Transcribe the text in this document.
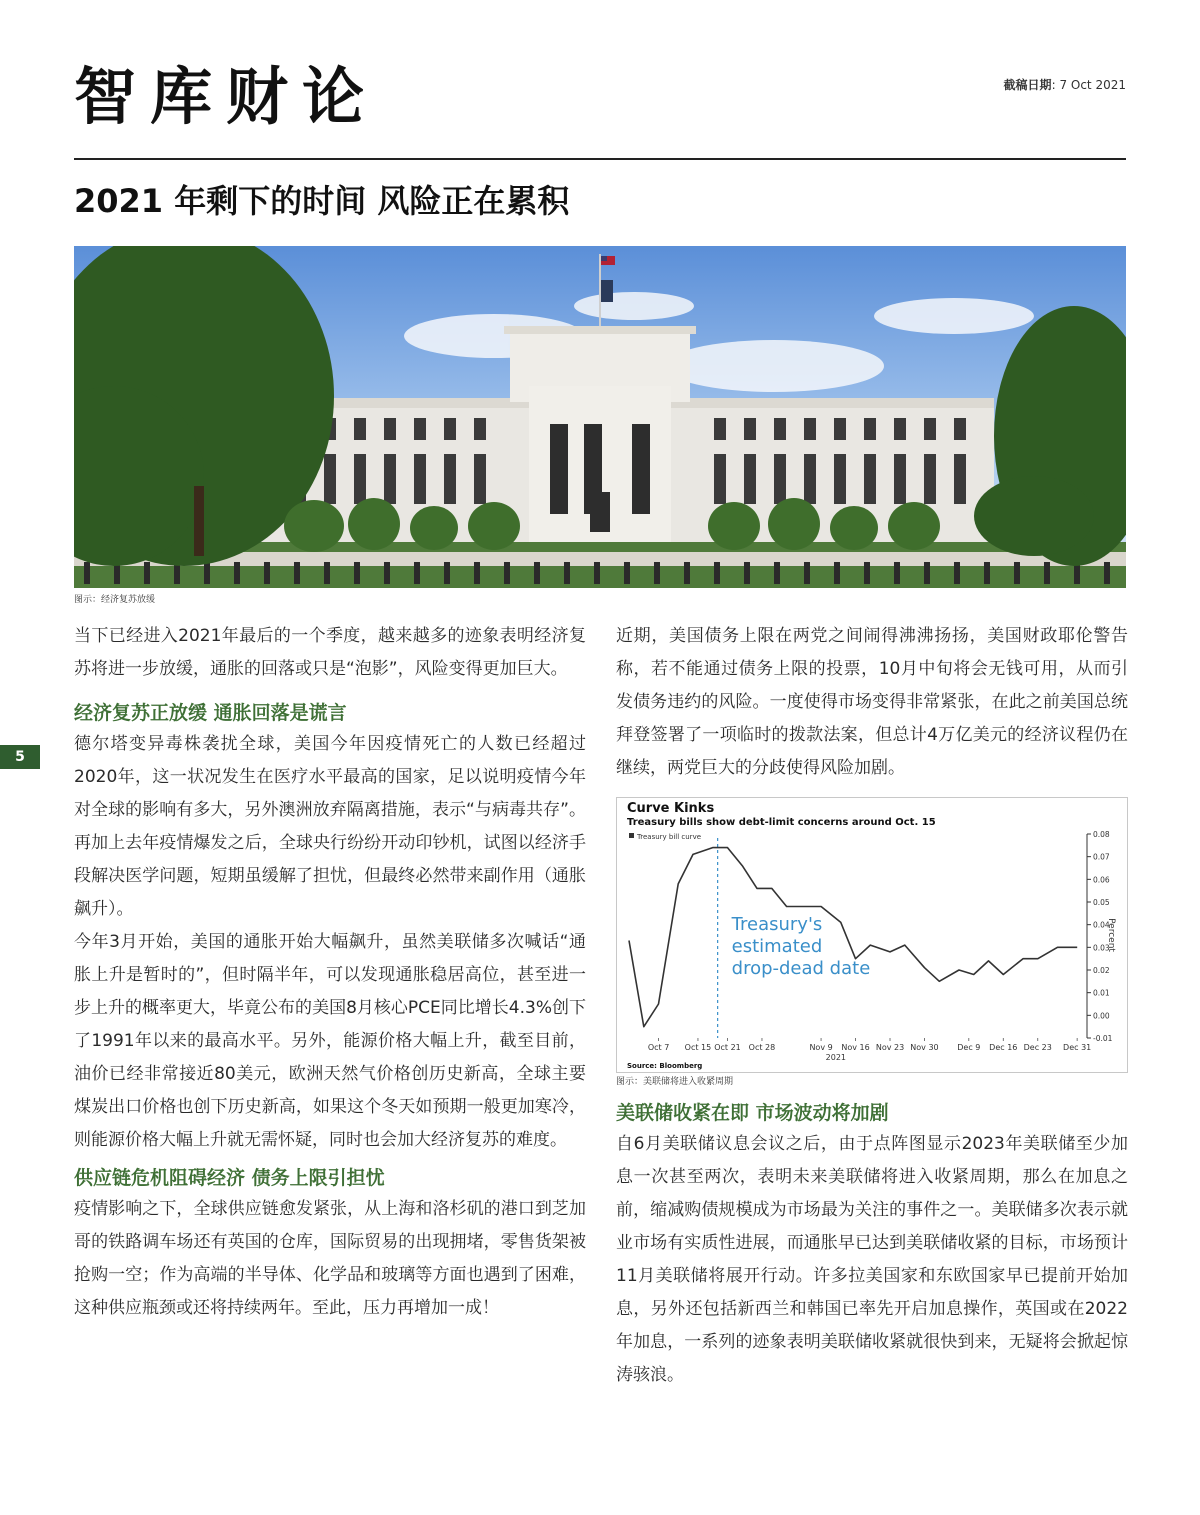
智库财论	截稿日期: 7 Oct 2021
2021 年剩下的时间 风险正在累积
图示：经济复苏放缓
5

当下已经进入2021年最后的一个季度，越来越多的迹象表明经济复苏将进一步放缓，通胀的回落或只是“泡影”，风险变得更加巨大。

经济复苏正放缓 通胀回落是谎言

德尔塔变异毒株袭扰全球，美国今年因疫情死亡的人数已经超过2020年，这一状况发生在医疗水平最高的国家，足以说明疫情今年对全球的影响有多大，另外澳洲放弃隔离措施，表示“与病毒共存”。再加上去年疫情爆发之后，全球央行纷纷开动印钞机，试图以经济手段解决医学问题，短期虽缓解了担忧，但最终必然带来副作用（通胀飙升）。

今年3月开始，美国的通胀开始大幅飙升，虽然美联储多次喊话“通胀上升是暂时的”，但时隔半年，可以发现通胀稳居高位，甚至进一步上升的概率更大，毕竟公布的美国8月核心PCE同比增长4.3%创下了1991年以来的最高水平。另外，能源价格大幅上升，截至目前，油价已经非常接近80美元，欧洲天然气价格创历史新高，全球主要煤炭出口价格也创下历史新高，如果这个冬天如预期一般更加寒冷，则能源价格大幅上升就无需怀疑，同时也会加大经济复苏的难度。

供应链危机阻碍经济 债务上限引担忧

疫情影响之下，全球供应链愈发紧张，从上海和洛杉矶的港口到芝加哥的铁路调车场还有英国的仓库，国际贸易的出现拥堵，零售货架被抢购一空；作为高端的半导体、化学品和玻璃等方面也遇到了困难，这种供应瓶颈或还将持续两年。至此，压力再增加一成！

近期，美国债务上限在两党之间闹得沸沸扬扬，美国财政耶伦警告称，若不能通过债务上限的投票，10月中旬将会无钱可用，从而引发债务违约的风险。一度使得市场变得非常紧张，在此之前美国总统拜登签署了一项临时的拨款法案，但总计4万亿美元的经济议程仍在继续，两党巨大的分歧使得风险加剧。

Curve Kinks
Treasury bills show debt-limit concerns around Oct. 15
Treasury bill curve
Percent
Source: Bloomberg
-0.01
0.00
0.01
0.02
0.03
0.04
0.05
0.06
0.07
0.08
Oct 7 Oct 15 Oct 21 Oct 28	Nov 9 Nov 16 Nov 23 Nov 30 Dec 9 Dec 16 Dec 23 Dec 31
2021
Treasury's
estimated
drop-dead date
图示：美联储将进入收紧周期

美联储收紧在即 市场波动将加剧

自6月美联储议息会议之后，由于点阵图显示2023年美联储至少加息一次甚至两次，表明未来美联储将进入收紧周期，那么在加息之前，缩减购债规模成为市场最为关注的事件之一。美联储多次表示就业市场有实质性进展，而通胀早已达到美联储收紧的目标，市场预计11月美联储将展开行动。许多拉美国家和东欧国家早已提前开始加息，另外还包括新西兰和韩国已率先开启加息操作，英国或在2022年加息，一系列的迹象表明美联储收紧就很快到来，无疑将会掀起惊涛骇浪。
